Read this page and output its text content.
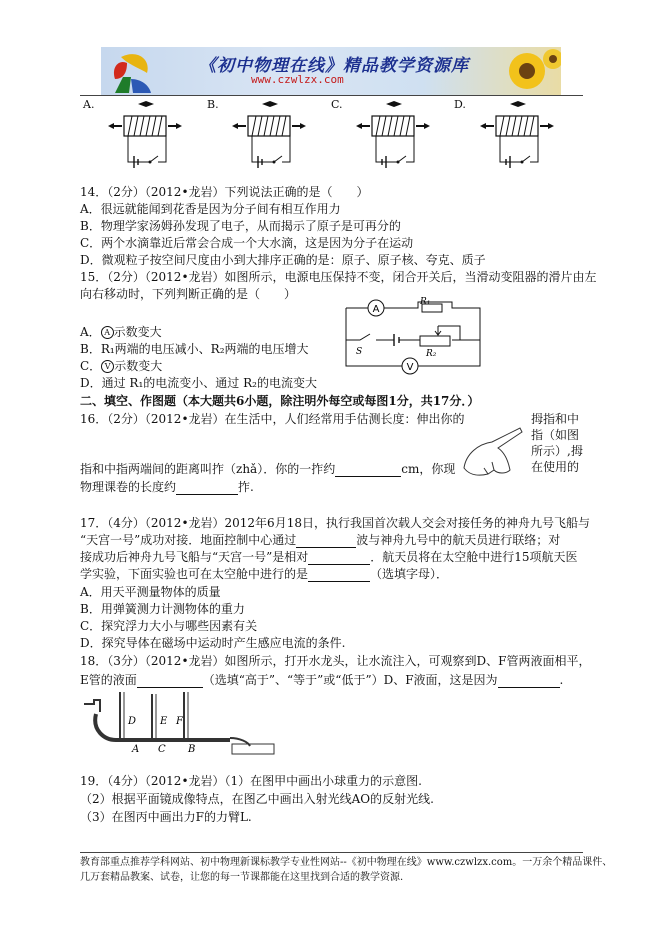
《初中物理在线》精品教学资源库
www.czwlzx.com
A.	B.	C.	D.
14．（2分）（2012•龙岩）下列说法正确的是（　　）
A．很远就能闻到花香是因为分子间有相互作用力
B．物理学家汤姆孙发现了电子，从而揭示了原子是可再分的
C．两个水滴靠近后常会合成一个大水滴，这是因为分子在运动
D．微观粒子按空间尺度由小到大排序正确的是：原子、原子核、夸克、质子
15．（2分）（2012•龙岩）如图所示，电源电压保持不变，闭合开关后，当滑动变阻器的滑片由左
向右移动时，下列判断正确的是（　　）
A． A 示数变大
B．R₁两端的电压减小、R₂两端的电压增大
C． V 示数变大
D．通过 R₁的电流变小、通过 R₂的电流变大
A
R₁
S	R₂
V
二、填空、作图题（本大题共6小题，除注明外每空或每图1分，共17分．）
16．（2分）（2012•龙岩）在生活中，人们经常用手估测长度：伸出你的	拇指和中
指（如图
所示）,拇
指和中指两端间的距离叫拃（zhǎ）．你的一拃约	cm，你现	在使用的
物理课卷的长度约	拃.
17．（4分）（2012•龙岩）2012年6月18日，执行我国首次载人交会对接任务的神舟九号飞船与
“天宫一号”成功对接．地面控制中心通过	波与神舟九号中的航天员进行联络；对
接成功后神舟九号飞船与“天宫一号”是相对	．航天员将在太空舱中进行15项航天医
学实验，下面实验也可在太空舱中进行的是	（选填字母）．
A．用天平测量物体的质量
B．用弹簧测力计测物体的重力
C．探究浮力大小与哪些因素有关
D．探究导体在磁场中运动时产生感应电流的条件.
18．（3分）（2012•龙岩）如图所示，打开水龙头，让水流注入，可观察到D、F管两液面相平，
E管的液面	（选填“高于”、“等于”或“低于”）D、F液面，这是因为	.
D E F
A C B
19．（4分）（2012•龙岩）（1）在图甲中画出小球重力的示意图.
（2）根据平面镜成像特点，在图乙中画出入射光线AO的反射光线.
（3）在图丙中画出力F的力臂L.
教育部重点推荐学科网站、初中物理新课标教学专业性网站--《初中物理在线》www.czwlzx.com。一万余个精品课件、
几万套精品教案、试卷，让您的每一节课都能在这里找到合适的教学资源.
